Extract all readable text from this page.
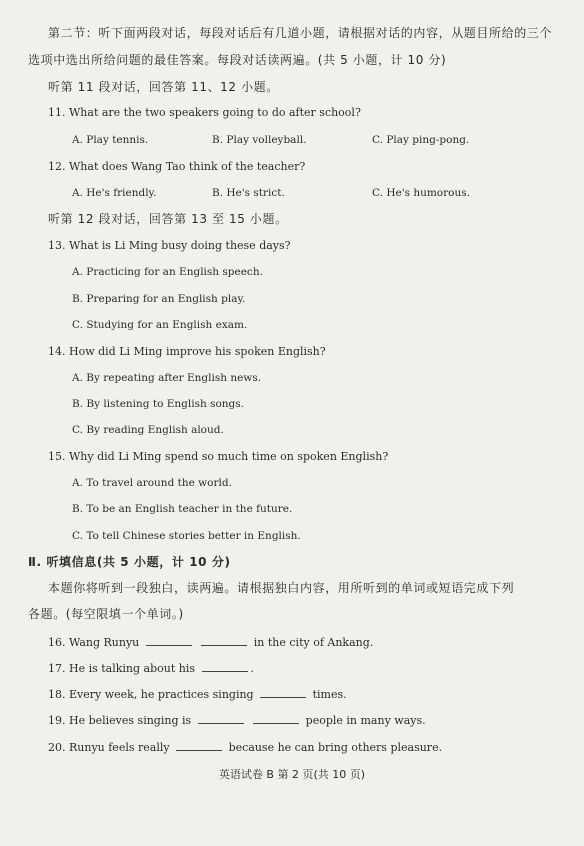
第二节：听下面两段对话，每段对话后有几道小题，请根据对话的内容，从题目所给的三个
选项中选出所给问题的最佳答案。每段对话读两遍。(共 5 小题，计 10 分)
听第 11 段对话，回答第 11、12 小题。
11. What are the two speakers going to do after school?
A. Play tennis.	B. Play volleyball.	C. Play ping-pong.
12. What does Wang Tao think of the teacher?
A. He's friendly.	B. He's strict.	C. He's humorous.
听第 12 段对话，回答第 13 至 15 小题。
13. What is Li Ming busy doing these days?
A. Practicing for an English speech.
B. Preparing for an English play.
C. Studying for an English exam.
14. How did Li Ming improve his spoken English?
A. By repeating after English news.
B. By listening to English songs.
C. By reading English aloud.
15. Why did Li Ming spend so much time on spoken English?
A. To travel around the world.
B. To be an English teacher in the future.
C. To tell Chinese stories better in English.
Ⅱ. 听填信息(共 5 小题，计 10 分)
本题你将听到一段独白，读两遍。请根据独白内容，用所听到的单词或短语完成下列
各题。(每空限填一个单词。)
16. Wang Runyu	in the city of Ankang.
17. He is talking about his	.
18. Every week, he practices singing	times.
19. He believes singing is	people in many ways.
20. Runyu feels really	because he can bring others pleasure.
英语试卷 B 第 2 页(共 10 页)
